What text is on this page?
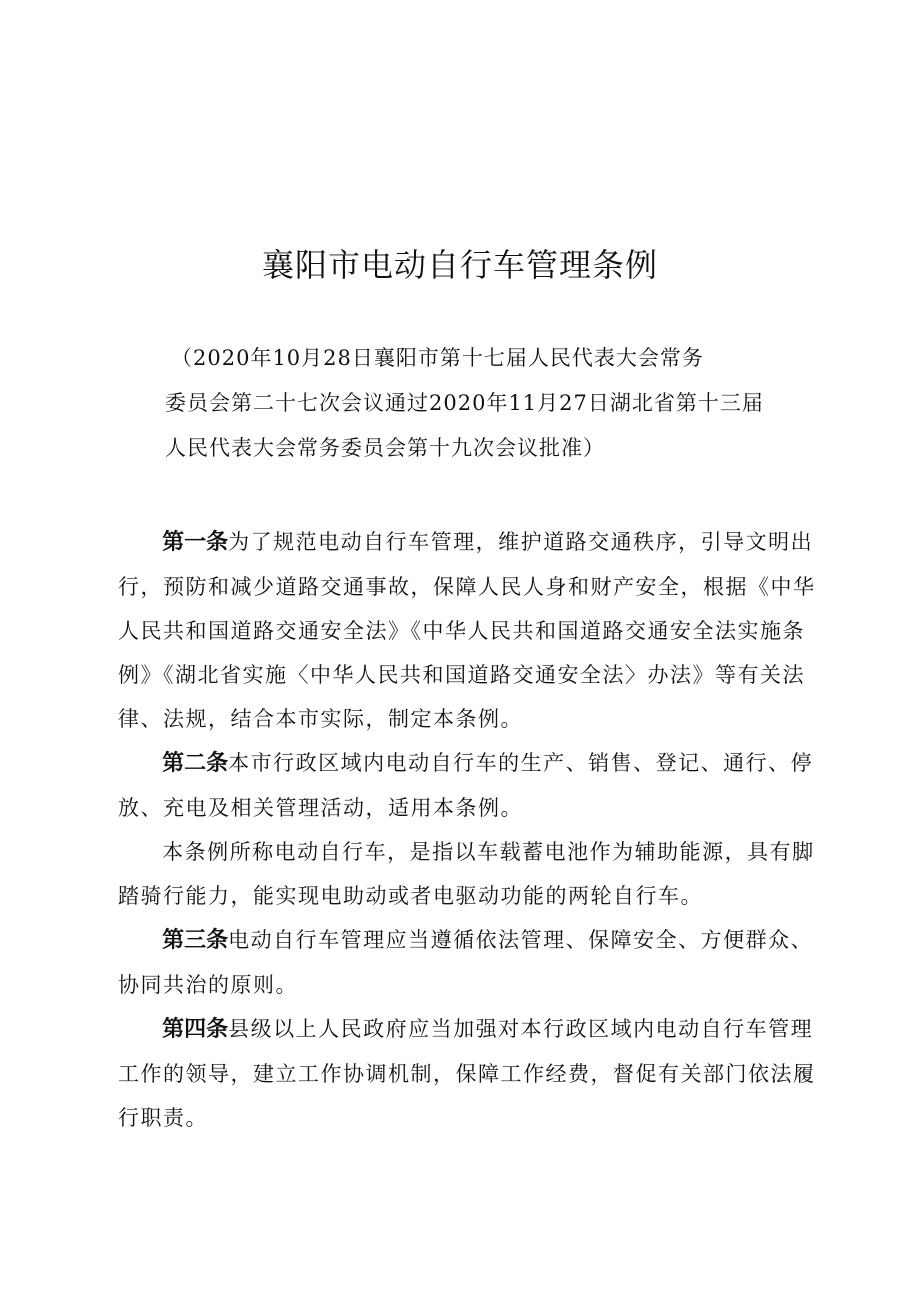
襄阳市电动自行车管理条例
（2020年10月28日襄阳市第十七届人民代表大会常务
委员会第二十七次会议通过2020年11月27日湖北省第十三届
人民代表大会常务委员会第十九次会议批准）

第一条为了规范电动自行车管理，维护道路交通秩序，引导文明出行，预防和减少道路交通事故，保障人民人身和财产安全，根据《中华人民共和国道路交通安全法》《中华人民共和国道路交通安全法实施条例》《湖北省实施〈中华人民共和国道路交通安全法〉办法》等有关法律、法规，结合本市实际，制定本条例。

第二条本市行政区域内电动自行车的生产、销售、登记、通行、停放、充电及相关管理活动，适用本条例。

本条例所称电动自行车，是指以车载蓄电池作为辅助能源，具有脚踏骑行能力，能实现电助动或者电驱动功能的两轮自行车。

第三条电动自行车管理应当遵循依法管理、保障安全、方便群众、协同共治的原则。

第四条县级以上人民政府应当加强对本行政区域内电动自行车管理工作的领导，建立工作协调机制，保障工作经费，督促有关部门依法履行职责。
